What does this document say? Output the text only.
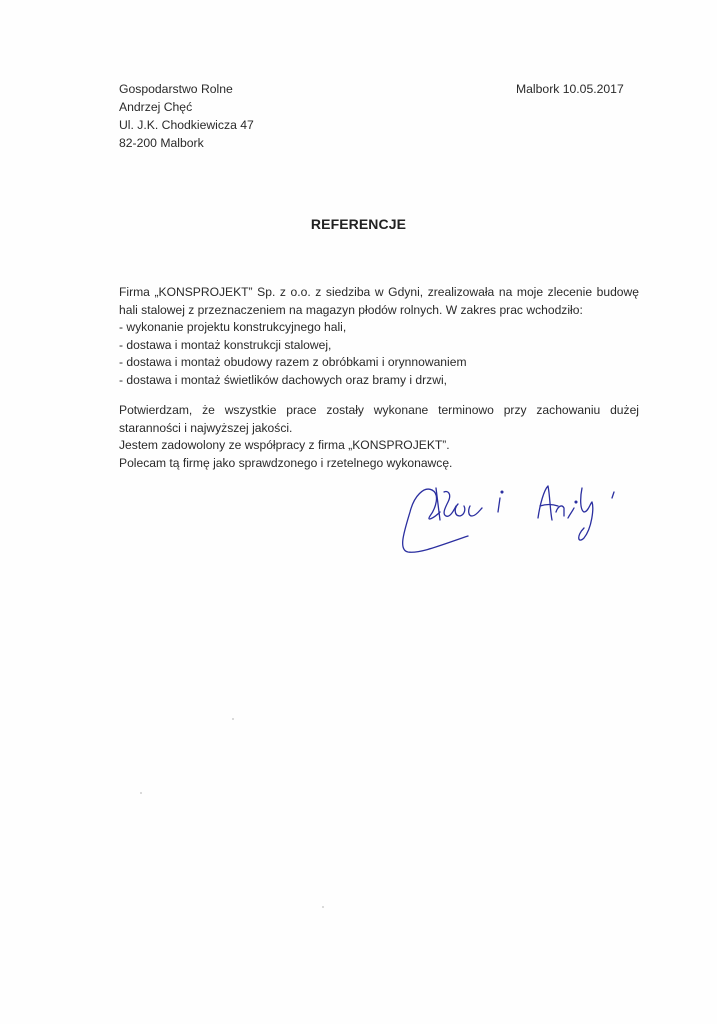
Gospodarstwo Rolne
Andrzej Chęć
Ul. J.K. Chodkiewicza 47
82-200 Malbork
Malbork 10.05.2017
REFERENCJE
Firma „KONSPROJEKT” Sp. z o.o. z siedziba w Gdyni, zrealizowała na moje zlecenie budowę
hali stalowej z przeznaczeniem na magazyn płodów rolnych. W zakres prac wchodziło:
- wykonanie projektu konstrukcyjnego hali,
- dostawa i montaż konstrukcji stalowej,
- dostawa i montaż obudowy razem z obróbkami i orynnowaniem
- dostawa i montaż świetlików dachowych oraz bramy i drzwi,
Potwierdzam, że wszystkie prace zostały wykonane terminowo przy zachowaniu dużej
staranności i najwyższej jakości.
Jestem zadowolony ze współpracy z firma „KONSPROJEKT”.
Polecam tą firmę jako sprawdzonego i rzetelnego wykonawcę.
